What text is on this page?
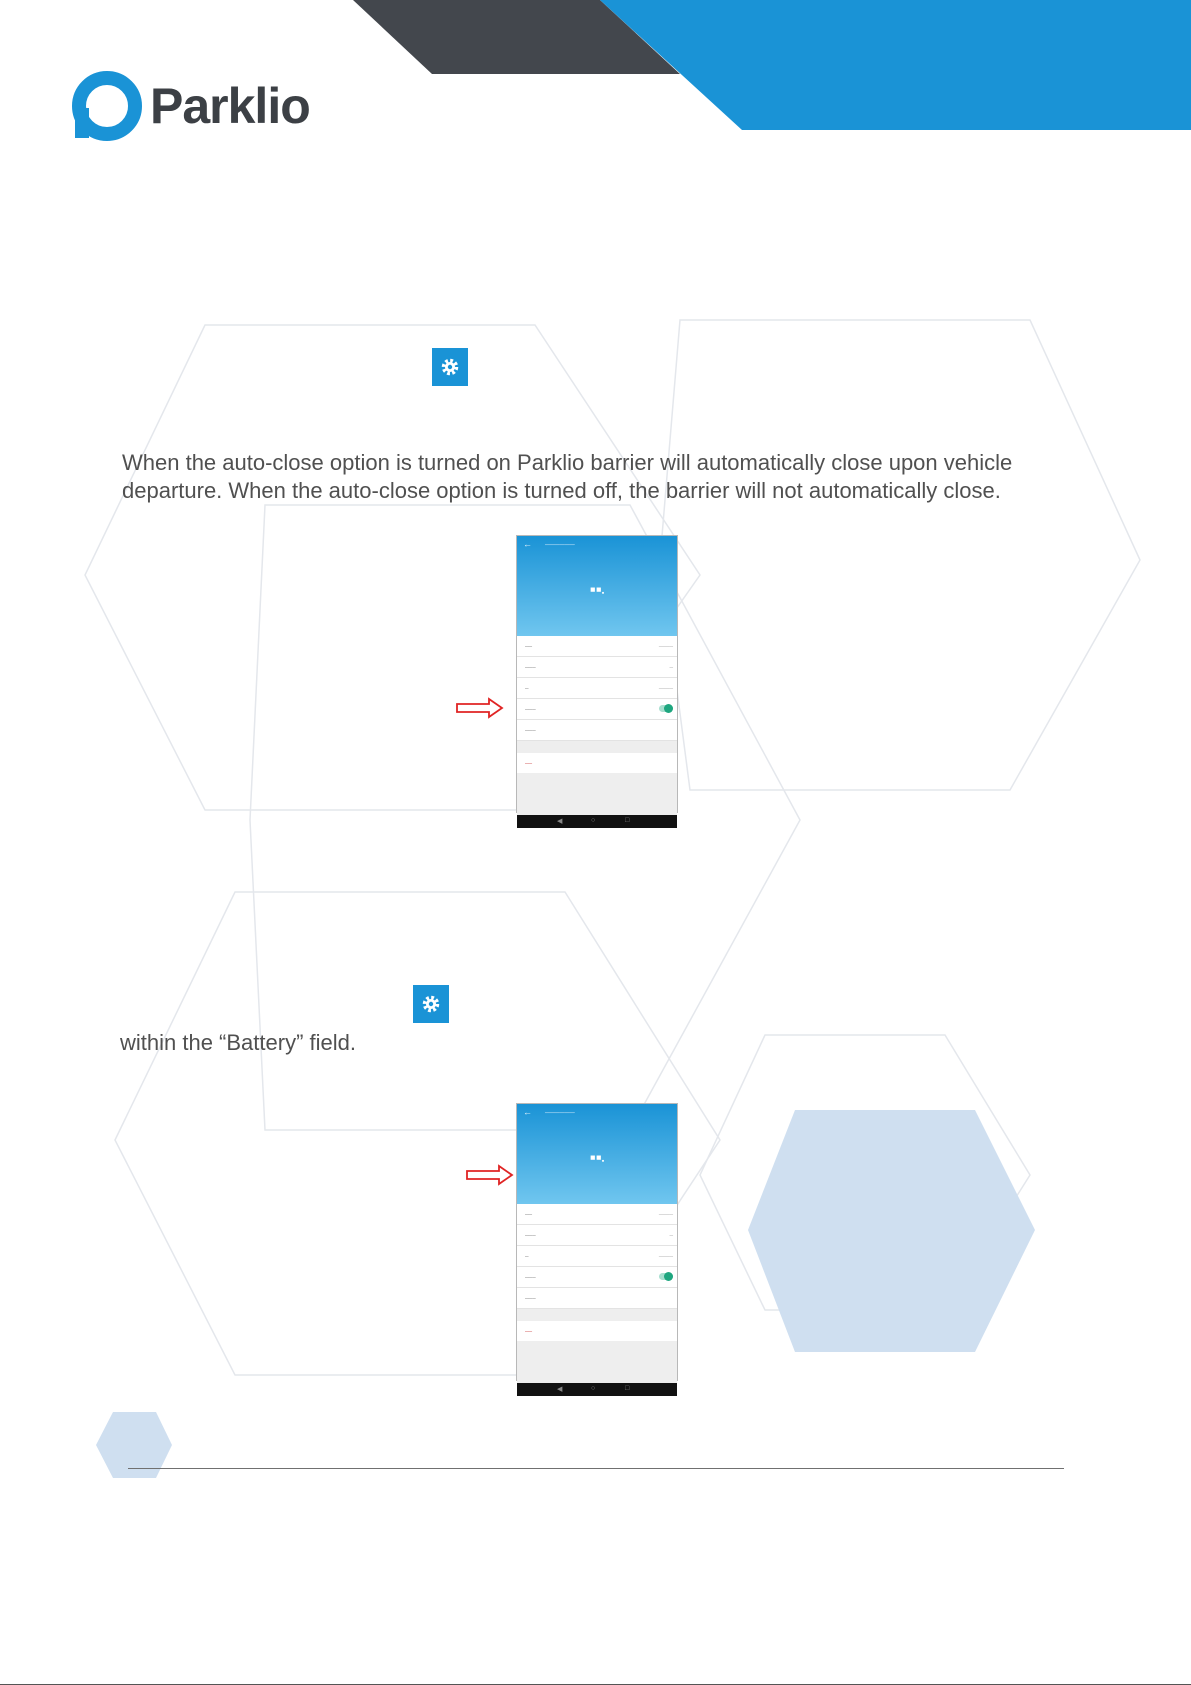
Parklio
When the auto-close option is turned on Parklio barrier will automatically close upon vehicle
departure. When the auto-close option is turned off, the barrier will not automatically close.
← ──────
▪▪▪
──	────
───	─
─	────
───
───
──
◀	○	□
within the “Battery” field.
← ──────
▪▪▪
──	────
───	─
─	────
───
───
──
◀	○	□
